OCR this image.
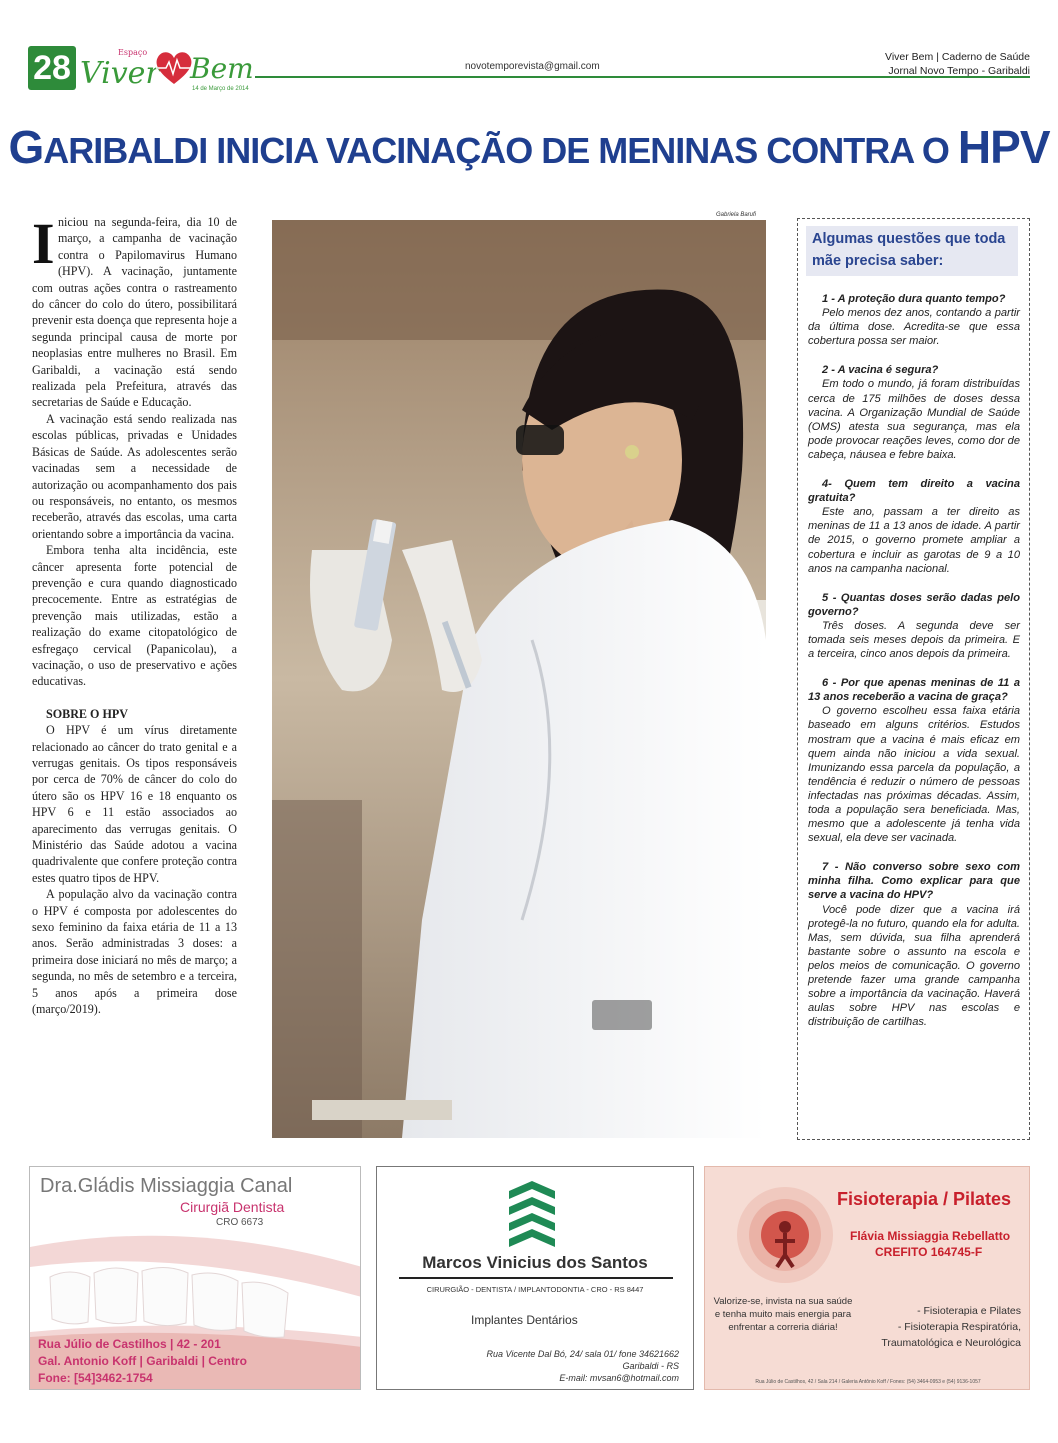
28	Espaço
Viver Bem
14 de Março de 2014
novotemporevista@gmail.com
Viver Bem | Caderno de Saúde
Jornal Novo Tempo - Garibaldi
GARIBALDI INICIA VACINAÇÃO DE MENINAS CONTRA O HPV
I niciou na segunda-feira, dia 10 de março, a campanha de vacinação contra o Papilomavirus Humano (HPV). A vacinação, juntamente com outras ações contra o rastreamento do câncer do colo do útero, possibilitará prevenir esta doença que representa hoje a segunda principal causa de morte por neoplasias entre mulheres no Brasil. Em Garibaldi, a vacinação está sendo realizada pela Prefeitura, através das secretarias de Saúde e Educação.

A vacinação está sendo realizada nas escolas públicas, privadas e Unidades Básicas de Saúde. As adolescentes serão vacinadas sem a necessidade de autorização ou acompanhamento dos pais ou responsáveis, no entanto, os mesmos receberão, através das escolas, uma carta orientando sobre a importância da vacina.

Embora tenha alta incidência, este câncer apresenta forte potencial de prevenção e cura quando diagnosticado precocemente. Entre as estratégias de prevenção mais utilizadas, estão a realização do exame citopatológico de esfregaço cervical (Papanicolau), a vacinação, o uso de preservativo e ações educativas.

SOBRE O HPV

O HPV é um vírus diretamente relacionado ao câncer do trato genital e a verrugas genitais. Os tipos responsáveis por cerca de 70% de câncer do colo do útero são os HPV 16 e 18 enquanto os HPV 6 e 11 estão associados ao aparecimento das verrugas genitais. O Ministério das Saúde adotou a vacina quadrivalente que confere proteção contra estes quatro tipos de HPV.

A população alvo da vacinação contra o HPV é composta por adolescentes do sexo feminino da faixa etária de 11 a 13 anos. Serão administradas 3 doses: a primeira dose iniciará no mês de março; a segunda, no mês de setembro e a terceira, 5 anos após a primeira dose (março/2019).

Gabriela Barufi
Algumas questões que toda mãe precisa saber:

1 - A proteção dura quanto tempo?

Pelo menos dez anos, contando a partir da última dose. Acredita-se que essa cobertura possa ser maior.

2 - A vacina é segura?

Em todo o mundo, já foram distribuídas cerca de 175 milhões de doses dessa vacina. A Organização Mundial de Saúde (OMS) atesta sua segurança, mas ela pode provocar reações leves, como dor de cabeça, náusea e febre baixa.

4- Quem tem direito a vacina gratuita?

Este ano, passam a ter direito as meninas de 11 a 13 anos de idade. A partir de 2015, o governo promete ampliar a cobertura e incluir as garotas de 9 a 10 anos na campanha nacional.

5 - Quantas doses serão dadas pelo governo?

Três doses. A segunda deve ser tomada seis meses depois da primeira. E a terceira, cinco anos depois da primeira.

6 - Por que apenas meninas de 11 a 13 anos receberão a vacina de graça?

O governo escolheu essa faixa etária baseado em alguns critérios. Estudos mostram que a vacina é mais eficaz em quem ainda não iniciou a vida sexual. Imunizando essa parcela da população, a tendência é reduzir o número de pessoas infectadas nas próximas décadas. Assim, toda a população sera beneficiada. Mas, mesmo que a adolescente já tenha vida sexual, ela deve ser vacinada.

7 - Não converso sobre sexo com minha filha. Como explicar para que serve a vacina do HPV?

Você pode dizer que a vacina irá protegê-la no futuro, quando ela for adulta. Mas, sem dúvida, sua filha aprenderá bastante sobre o assunto na escola e pelos meios de comunicação. O governo pretende fazer uma grande campanha sobre a importância da vacinação. Haverá aulas sobre HPV nas escolas e distribuição de cartilhas.

Dra.Gládis Missiaggia Canal
Cirurgiã Dentista
CRO 6673
Rua Júlio de Castilhos | 42 - 201
Gal. Antonio Koff | Garibaldi | Centro
Fone: [54]3462-1754
Marcos Vinicius dos Santos
CIRURGIÃO - DENTISTA / IMPLANTODONTIA - CRO - RS 8447
Implantes Dentários
Rua Vicente Dal Bó, 24/ sala 01/ fone 34621662
Garibaldi - RS
E-mail: mvsan6@hotmail.com
Fisioterapia / Pilates
Flávia Missiaggia Rebellatto
CREFITO 164745-F
Valorize-se, invista na sua saúde e tenha muito mais energia para enfrentar a correria diária!
- Fisioterapia e Pilates
- Fisioterapia Respiratória,
Traumatológica e Neurológica
Rua Júlio de Castilhos, 42 / Sala 214 / Galeria Antônio Koff / Fones: (54) 3464-0953 e (54) 9136-1057
